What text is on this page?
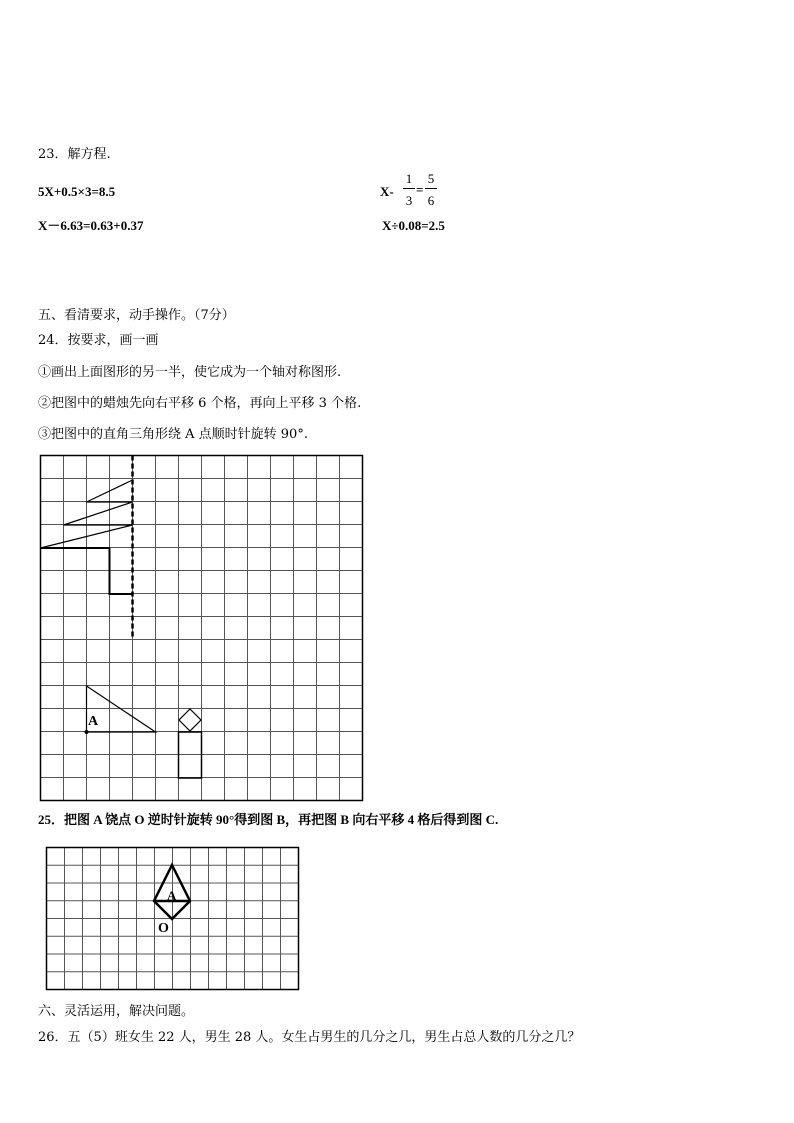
23．解方程.
5X+0.5×3=8.5	X-
1
3
=
5
6
X－6.63=0.63+0.37	X÷0.08=2.5
五、看清要求，动手操作。（7分）
24．按要求，画一画
①画出上面图形的另一半，使它成为一个轴对称图形.
②把图中的蜡烛先向右平移 6 个格，再向上平移 3 个格.
③把图中的直角三角形绕 A 点顺时针旋转 90°.
A
25．把图 A 饶点 O 逆时针旋转 90°得到图 B，再把图 B 向右平移 4 格后得到图 C.
A
O
六、灵活运用，解决问题。
26．五（5）班女生 22 人，男生 28 人。女生占男生的几分之几，男生占总人数的几分之几？
